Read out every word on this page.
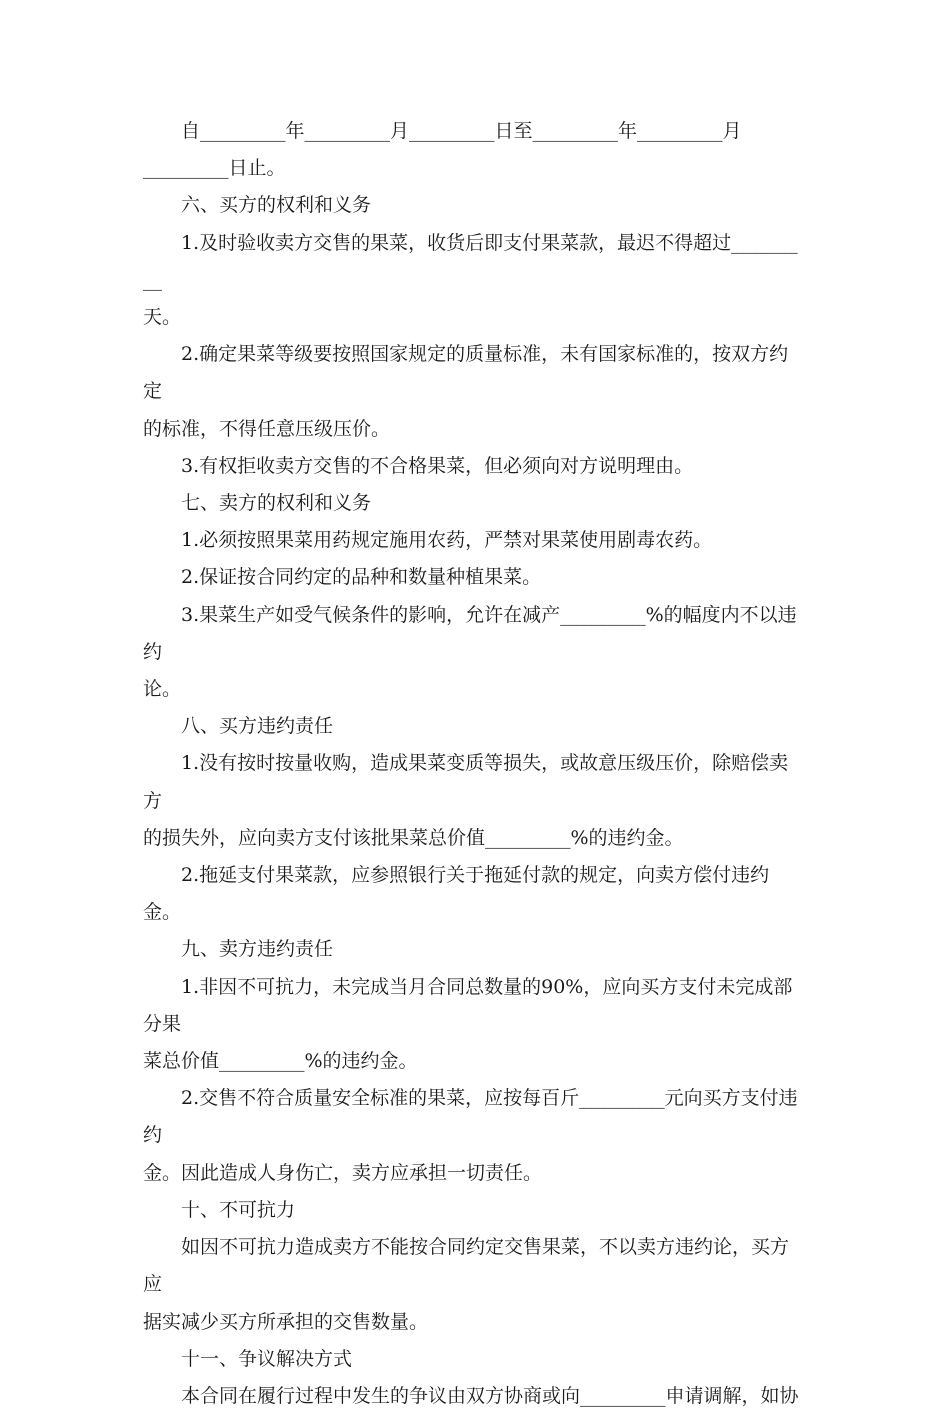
自_________年_________月_________日至_________年_________月

_________日止。

六、买方的权利和义务

1.及时验收卖方交售的果菜，收货后即支付果菜款，最迟不得超过_________

天。

2.确定果菜等级要按照国家规定的质量标准，未有国家标准的，按双方约定

的标准，不得任意压级压价。

3.有权拒收卖方交售的不合格果菜，但必须向对方说明理由。

七、卖方的权利和义务

1.必须按照果菜用药规定施用农药，严禁对果菜使用剧毒农药。

2.保证按合同约定的品种和数量种植果菜。

3.果菜生产如受气候条件的影响，允许在减产_________%的幅度内不以违约

论。

八、买方违约责任

1.没有按时按量收购，造成果菜变质等损失，或故意压级压价，除赔偿卖方

的损失外，应向卖方支付该批果菜总价值_________%的违约金。

2.拖延支付果菜款，应参照银行关于拖延付款的规定，向卖方偿付违约金。

九、卖方违约责任

1.非因不可抗力，未完成当月合同总数量的90%，应向买方支付未完成部分果

菜总价值_________%的违约金。

2.交售不符合质量安全标准的果菜，应按每百斤_________元向买方支付违约

金。因此造成人身伤亡，卖方应承担一切责任。

十、不可抗力

如因不可抗力造成卖方不能按合同约定交售果菜，不以卖方违约论，买方应

据实减少买方所承担的交售数量。

十一、争议解决方式

本合同在履行过程中发生的争议由双方协商或向_________申请调解，如协
